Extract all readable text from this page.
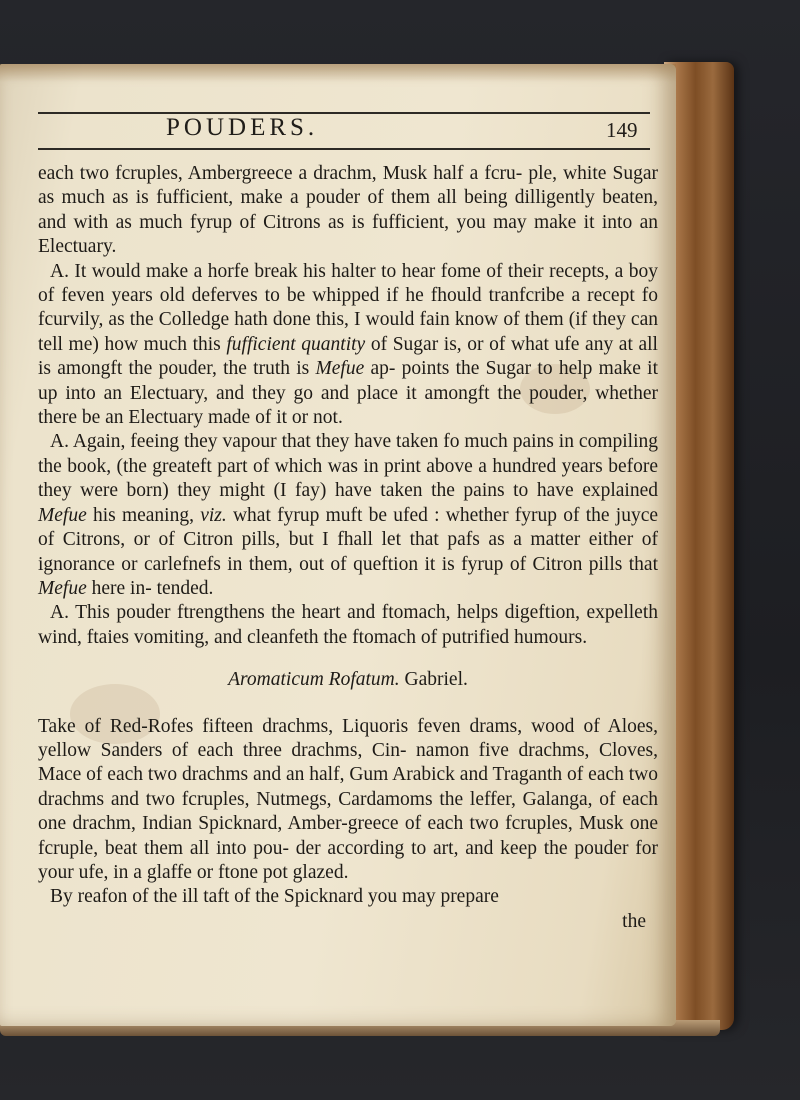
POUDERS.	149

each two fcruples, Ambergreece a drachm, Musk half a fcru- ple, white Sugar as much as is fufficient, make a pouder of them all being dilligently beaten, and with as much fyrup of Citrons as is fufficient, you may make it into an Electuary.

A. It would make a horfe break his halter to hear fome of their recepts, a boy of feven years old deferves to be whipped if he fhould tranfcribe a recept fo fcurvily, as the Colledge hath done this, I would fain know of them (if they can tell me) how much this fufficient quantity of Sugar is, or of what ufe any at all is amongft the pouder, the truth is Mefue ap- points the Sugar to help make it up into an Electuary, and they go and place it amongft the pouder, whether there be an Electuary made of it or not.

A. Again, feeing they vapour that they have taken fo much pains in compiling the book, (the greateft part of which was in print above a hundred years before they were born) they might (I fay) have taken the pains to have explained Mefue his meaning, viz. what fyrup muft be ufed : whether fyrup of the juyce of Citrons, or of Citron pills, but I fhall let that pafs as a matter either of ignorance or carlefnefs in them, out of queftion it is fyrup of Citron pills that Mefue here in- tended.

A. This pouder ftrengthens the heart and ftomach, helps digeftion, expelleth wind, ftaies vomiting, and cleanfeth the ftomach of putrified humours.

Aromaticum Rofatum. Gabriel.

Take of Red-Rofes fifteen drachms, Liquoris feven drams, wood of Aloes, yellow Sanders of each three drachms, Cin- namon five drachms, Cloves, Mace of each two drachms and an half, Gum Arabick and Traganth of each two drachms and two fcruples, Nutmegs, Cardamoms the leffer, Galanga, of each one drachm, Indian Spicknard, Amber-greece of each two fcruples, Musk one fcruple, beat them all into pou- der according to art, and keep the pouder for your ufe, in a glaffe or ftone pot glazed.

By reafon of the ill taft of the Spicknard you may prepare

the
